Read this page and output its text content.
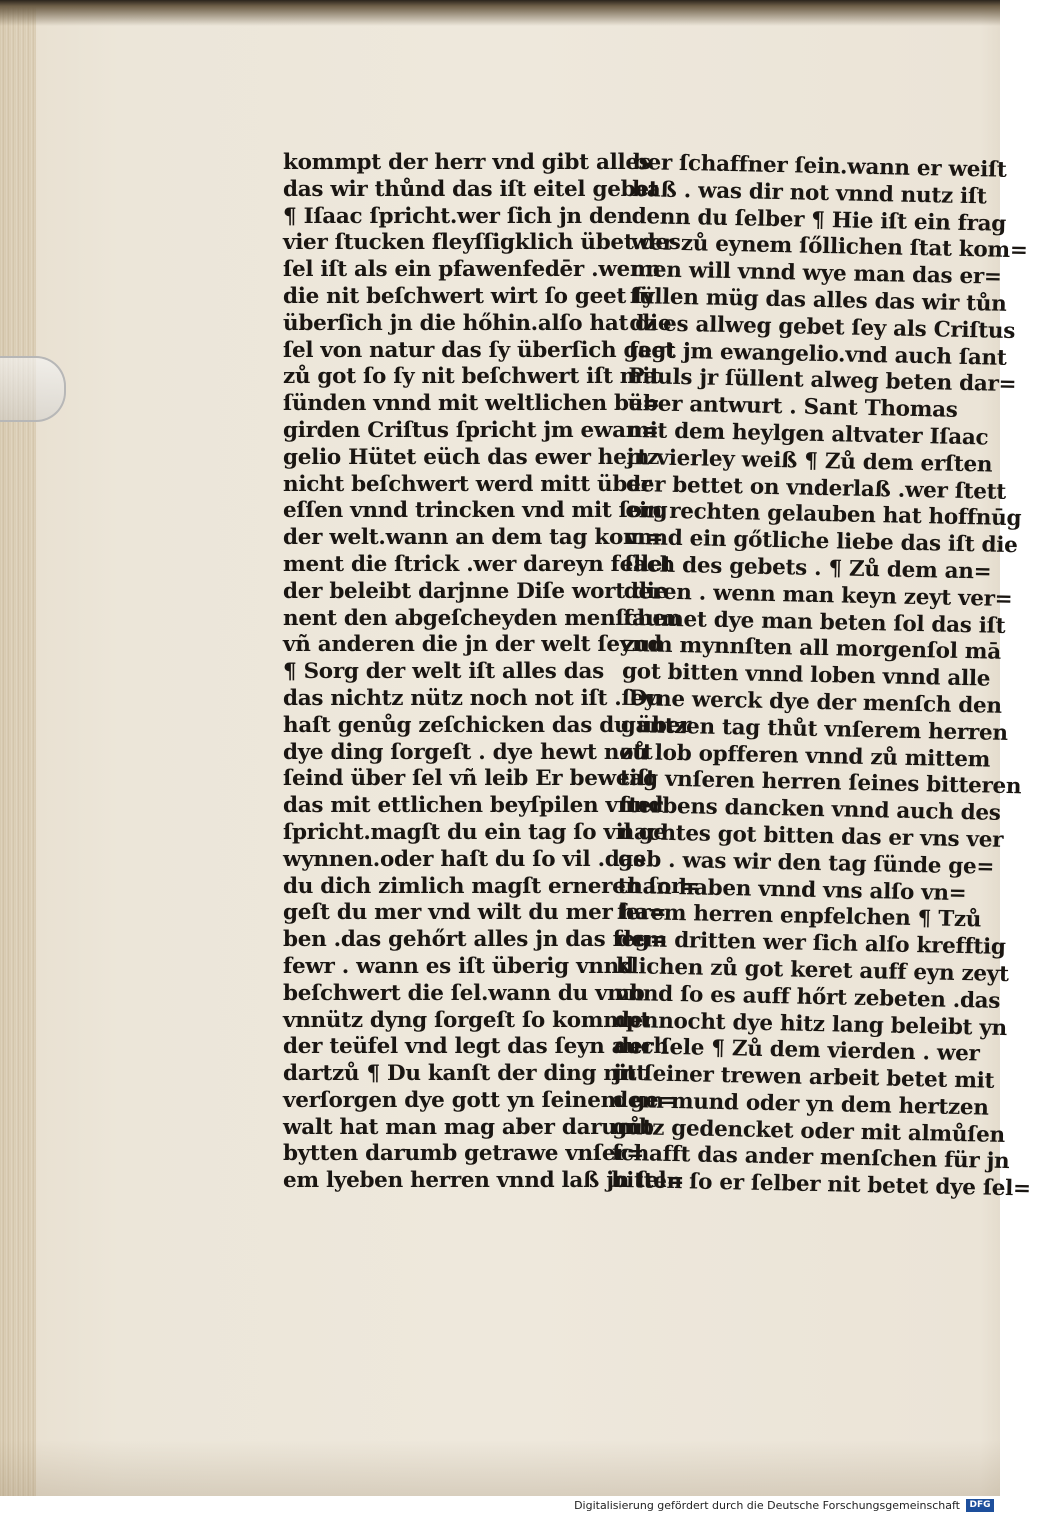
kommpt der herr vnd gibt alles
das wir thůnd das iſt eitel gebet
¶ Iſaac ſpricht.wer ſich jn den
vier ſtucken fleyſſigklich übet.des
ſel iſt als ein pfawenfedēr .wenn
die nit beſchwert wirt ſo geet ſy
überſich jn die hőhin.alſo hat die
ſel von natur das ſy überſich geet
zů got ſo ſy nit beſchwert iſt mit
ſünden vnnd mit weltlichen be=
girden Criſtus ſpricht jm ewan=
gelio Hütet eüch das ewer hertz
nicht beſchwert werd mitt über
eſſen vnnd trincken vnd mit ſorg
der welt.wann an dem tag kom=
ment die ſtrick .wer dareyn fellet
der beleibt darjnne Diſe wort die
nent den abgeſcheyden menſchen
vñ anderen die jn der welt ſeynd
¶ Sorg der welt iſt alles das
das nichtz nütz noch not iſt . Du
haſt genůg zeſchicken das du über
dye ding ſorgeſt . dye hewt nott
ſeind über ſel vñ leib Er beweiſt
das mit ettlichen beyſpilen vnnd
ſpricht.magſt du ein tag ſo vil ge
wynnen.oder haſt du ſo vil .das
du dich zimlich magſt erneren ſor=
geſt du mer vnd wilt du mer ha=
ben .das gehőrt alles jn das feg=
fewr . wann es iſt überig vnnd
beſchwert die ſel.wann du vmb
vnnütz dyng ſorgeſt ſo kommpt
der teüfel vnd legt das ſeyn auch
dartzů ¶ Du kanſt der ding nitt
verſorgen dye gott yn ſeinem ge=
walt hat man mag aber darumb
bytten darumb getrawe vnſer=
em lyeben herren vnnd laß jn ſel=
ber ſchaffner ſein.wann er weiſt
baß . was dir not vnnd nutz iſt
denn du ſelber ¶ Hie iſt ein frag
wer zů eynem ſőllichen ſtat kom=
men will vnnd wye man das er=
füllen müg das alles das wir tůn
dz es allweg gebet ſey als Criſtus
ſagt jm ewangelio.vnd auch ſant
Pauls jr ſüllent alweg beten dar=
über antwurt . Sant Thomas
mit dem heylgen altvater Iſaac
jn vierley weiß ¶ Zů dem erſten
der bettet on vnderlaß .wer ſtett
ein rechten gelauben hat hoffnūg
vnnd ein gőtliche liebe das iſt die
ſach des gebets . ¶ Zů dem an=
deren . wenn man keyn zeyt ver=
ſaumet dye man beten ſol das iſt
zum mynnſten all morgenſol mā
got bitten vnnd loben vnnd alle
ſeyne werck dye der menſch den
gantzen tag thůt vnſerem herren
zů lob opfferen vnnd zů mittem
tag vnſeren herren ſeines bitteren
ſterbens dancken vnnd auch des
nachtes got bitten das er vns ver
geb . was wir den tag ſünde ge=
than haben vnnd vns alſo vn=
ſerem herren enpfelchen ¶ Tzů
dem dritten wer ſich alſo krefftig
klichen zů got keret auff eyn zeyt
vnnd ſo es auff hőrt zebeten .das
dennocht dye hitz lang beleibt yn
der ſele ¶ Zů dem vierden . wer
jn ſeiner trewen arbeit betet mit
dem mund oder yn dem hertzen
gůtz gedencket oder mit almůſen
ſchafft das ander menſchen für jn
bitten ſo er ſelber nit betet dye ſel=
Digitalisierung gefördert durch die Deutsche Forschungsgemeinschaft	DFG
